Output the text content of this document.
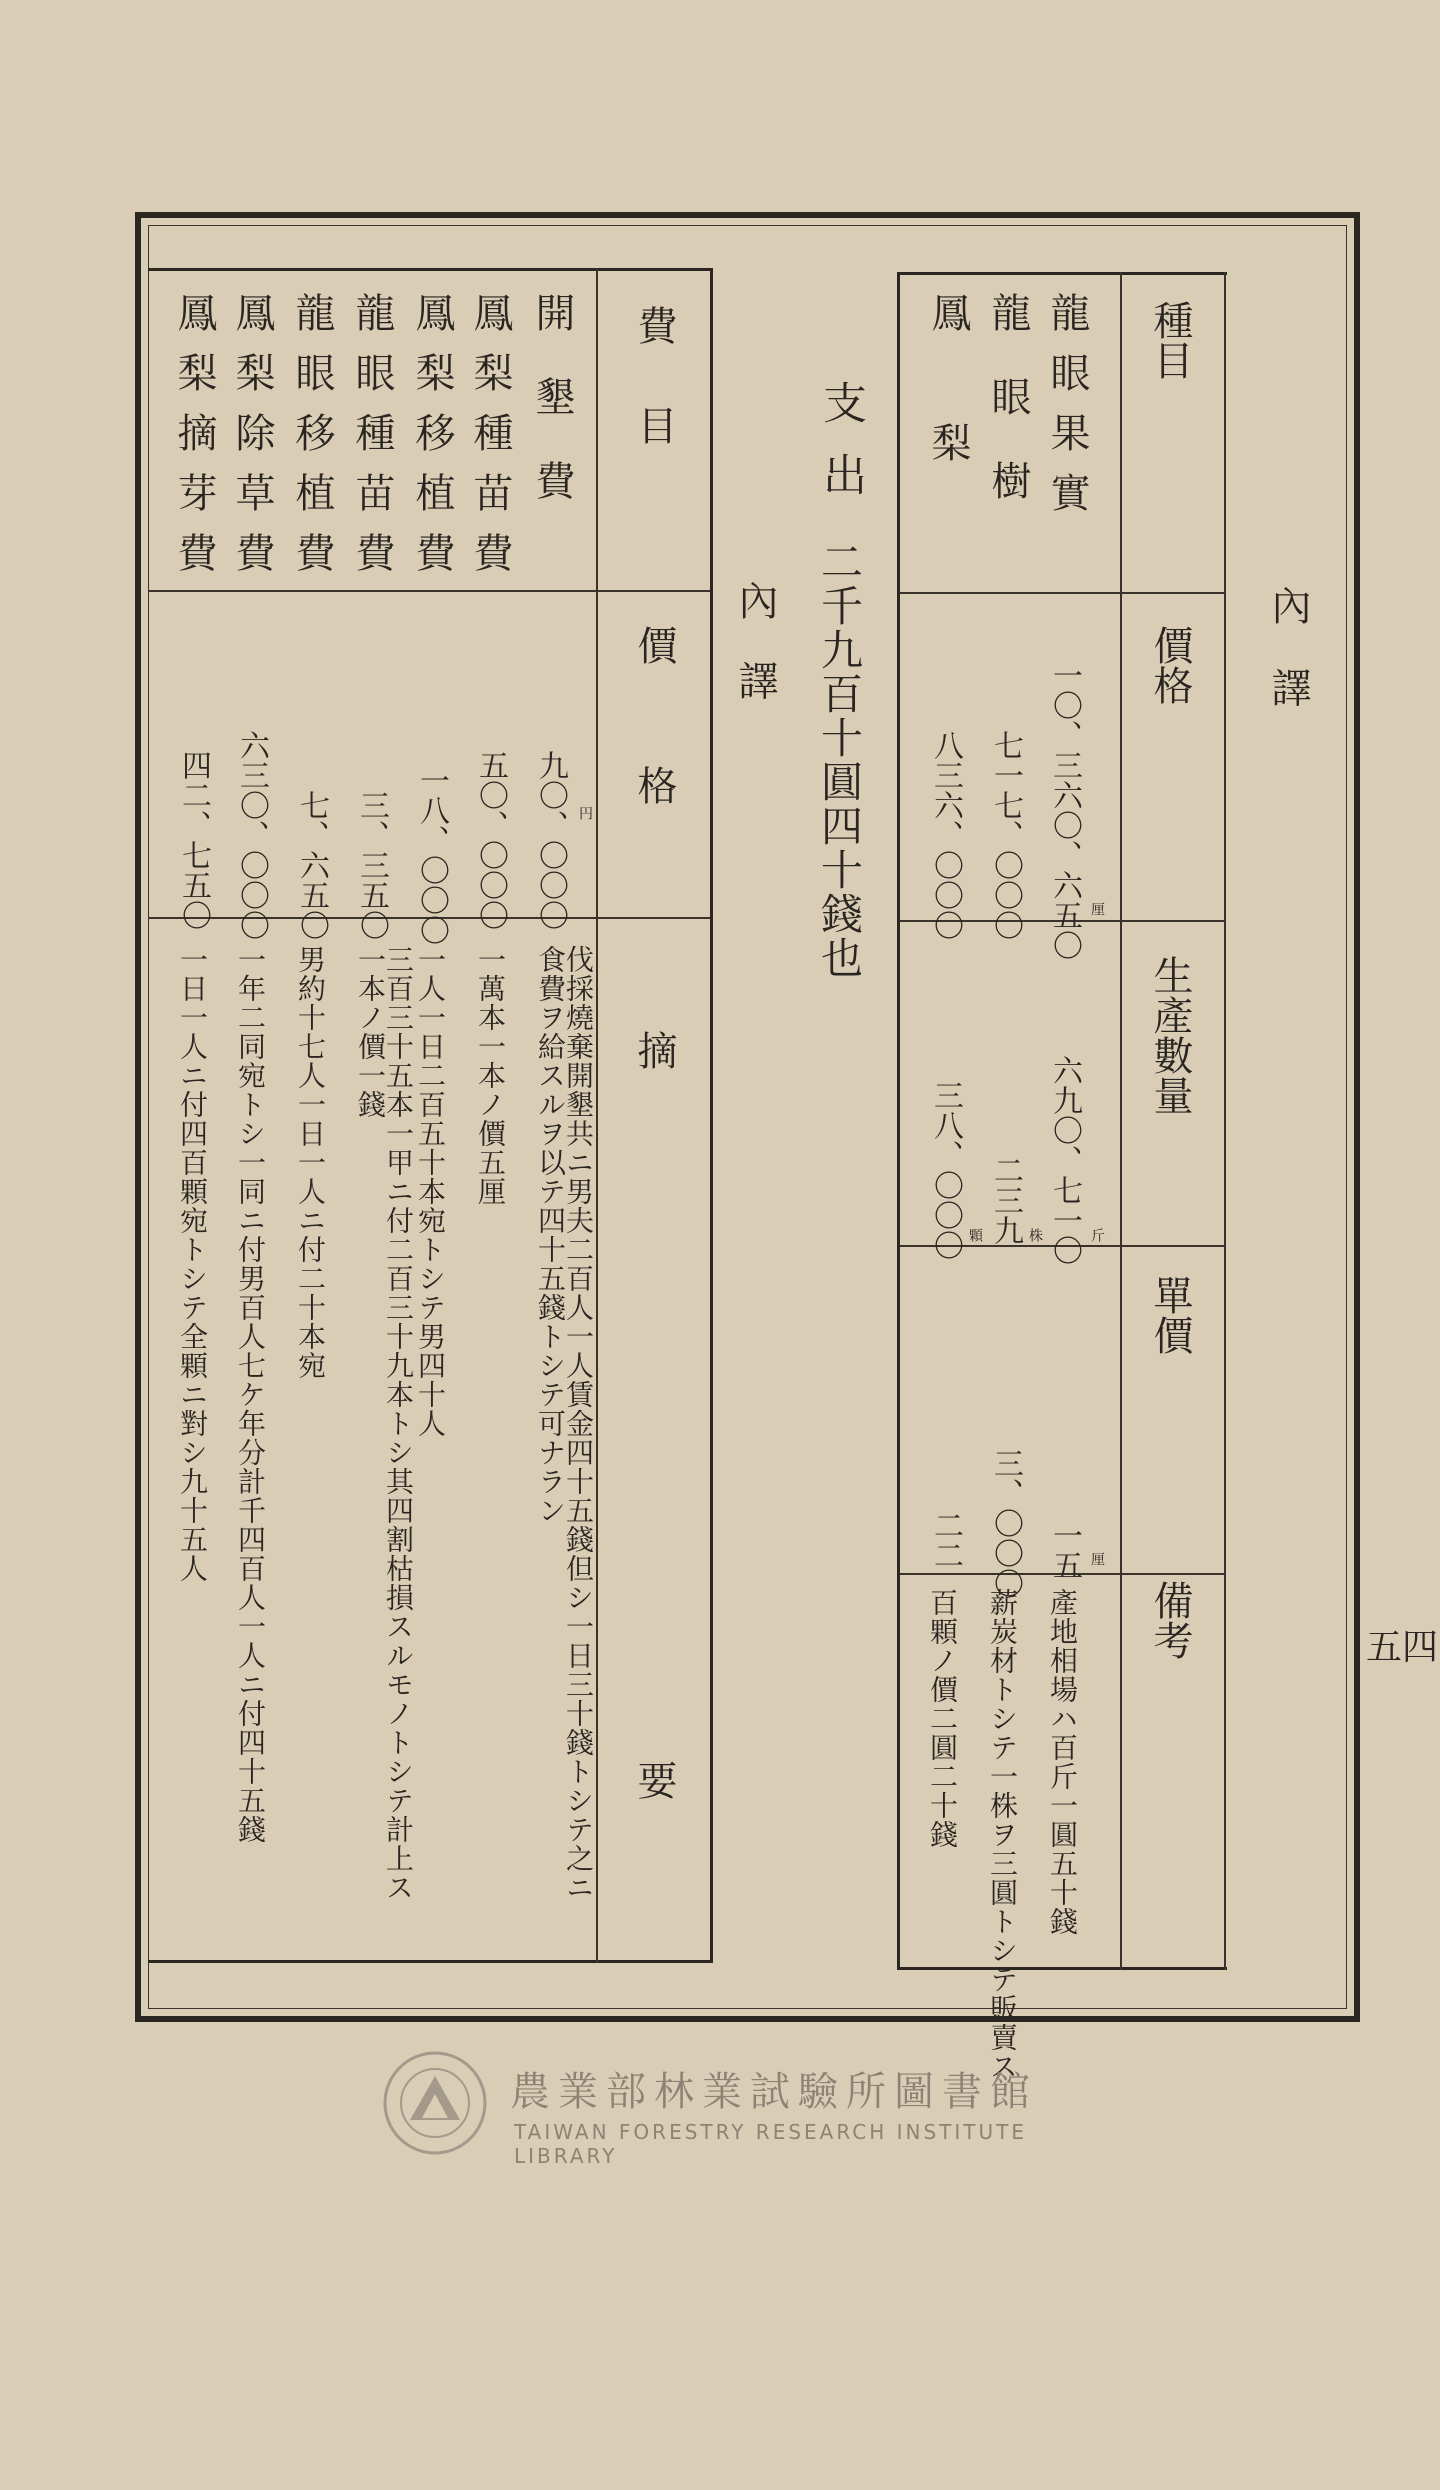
五四
內譯
種目
價格
生產數量
單價
備考
龍眼果實
一〇、三六〇、六五〇 厘
六九〇、七一〇 斤
一五 厘
產地相場ハ百斤一圓五十錢
龍眼樹
七一七、〇〇〇
二三九 株
三、〇〇〇
薪炭材トシテ一株ヲ三圓トシテ販賣ス
鳳梨
八三六、〇〇〇
三八、〇〇〇 顆
二二
百顆ノ價二圓二十錢
支出
二千九百十圓四十錢也
內譯
費目
價格
摘要
円
開墾費
九〇、〇〇〇
伐採燒棄開墾共ニ男夫二百人一人賃金四十五錢但シ一日三十錢トシテ之ニ食費ヲ給スルヲ以テ四十五錢トシテ可ナラン
鳳梨種苗費
五〇、〇〇〇
一萬本一本ノ價五厘
鳳梨移植費
一八、〇〇〇
一人一日二百五十本宛トシテ男四十人
龍眼種苗費
三、三五〇
三百三十五本一甲ニ付二百三十九本トシ其四割枯損スルモノトシテ計上ス一本ノ價一錢
龍眼移植費
七、六五〇
男約十七人一日一人ニ付二十本宛
鳳梨除草費
六三〇、〇〇〇
一年二同宛トシ一同ニ付男百人七ケ年分計千四百人一人ニ付四十五錢
鳳梨摘芽費
四二、七五〇
一日一人ニ付四百顆宛トシテ全顆ニ對シ九十五人
農業部林業試驗所圖書館
TAIWAN FORESTRY RESEARCH INSTITUTE LIBRARY
